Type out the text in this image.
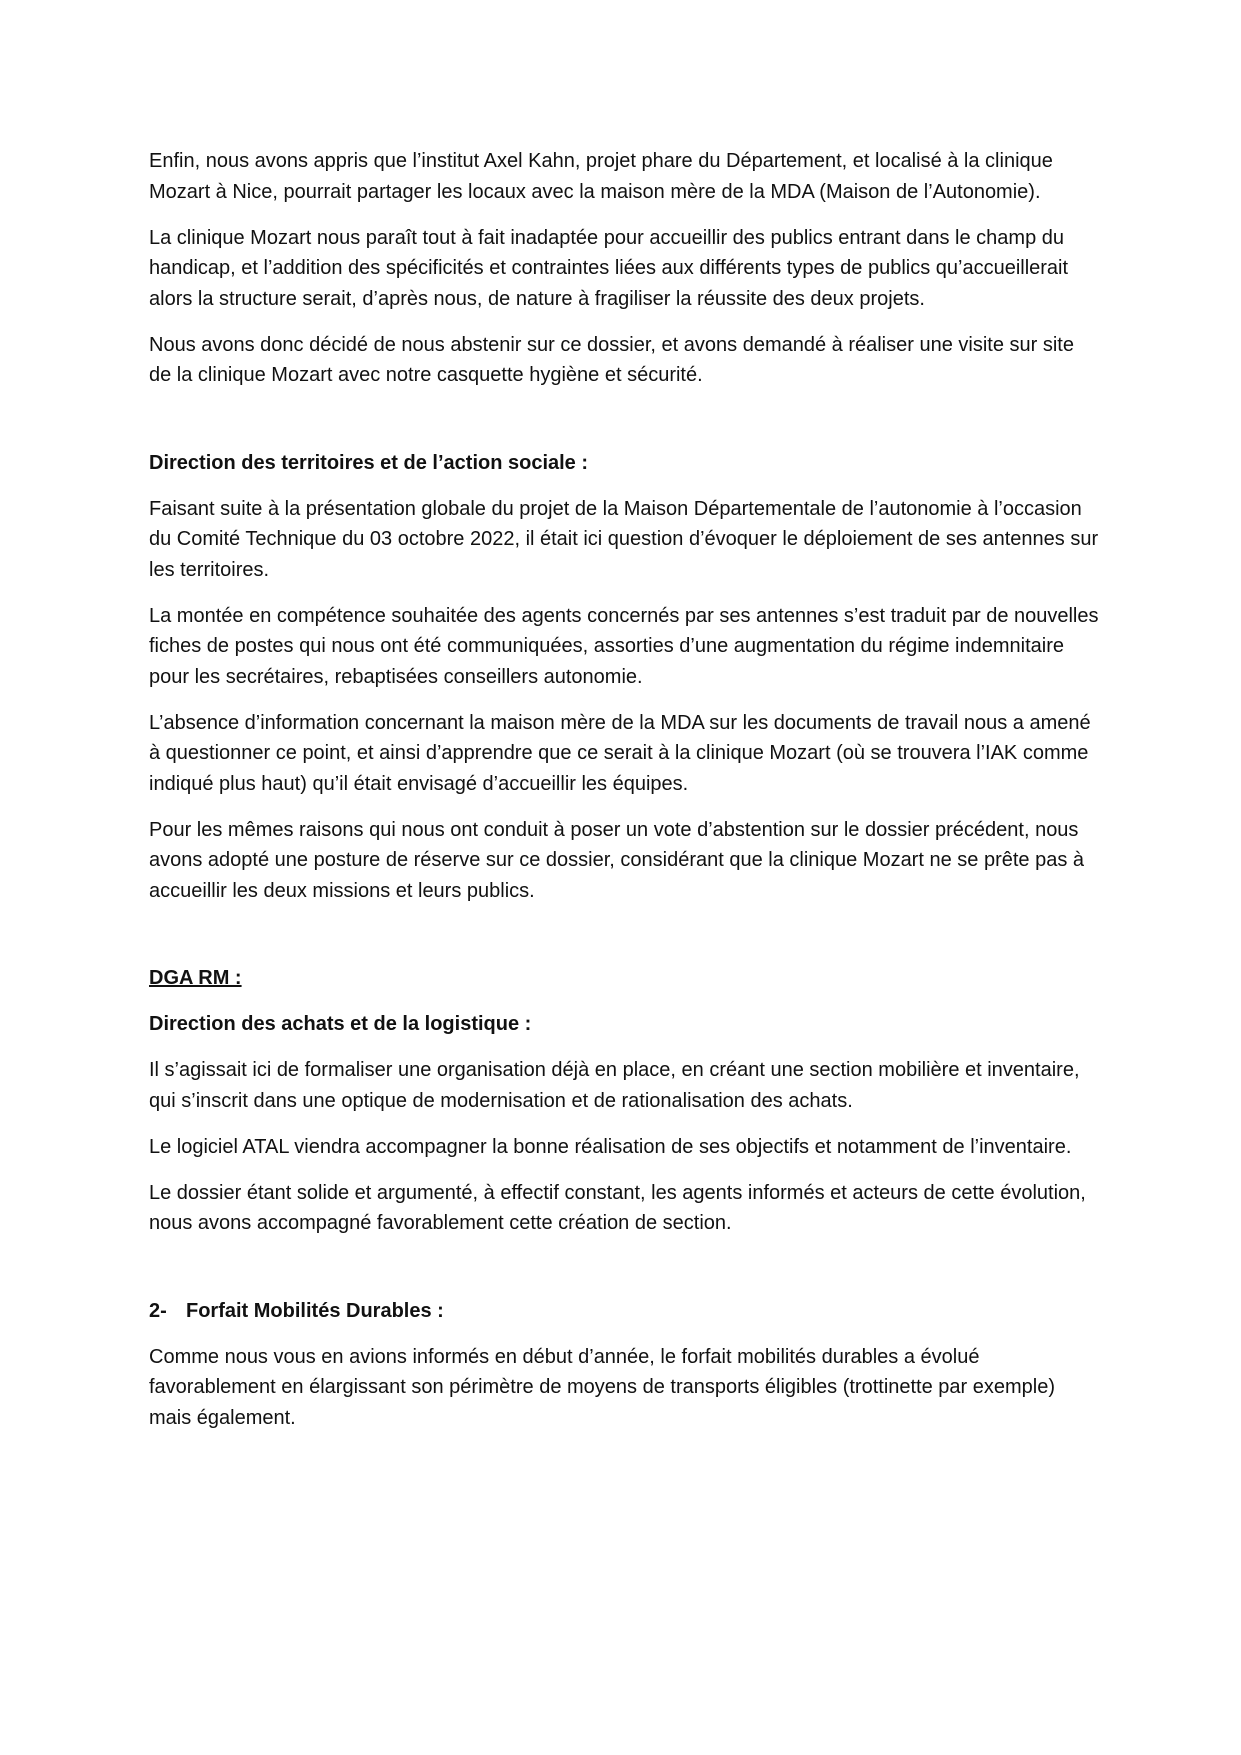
Enfin, nous avons appris que l’institut Axel Kahn, projet phare du Département, et localisé à la clinique Mozart à Nice, pourrait partager les locaux avec la maison mère de la MDA (Maison de l’Autonomie).

La clinique Mozart nous paraît tout à fait inadaptée pour accueillir des publics entrant dans le champ du handicap, et l’addition des spécificités et contraintes liées aux différents types de publics qu’accueillerait alors la structure serait, d’après nous, de nature à fragiliser la réussite des deux projets.

Nous avons donc décidé de nous abstenir sur ce dossier, et avons demandé à réaliser une visite sur site de la clinique Mozart avec notre casquette hygiène et sécurité.

Direction des territoires et de l’action sociale :

Faisant suite à la présentation globale du projet de la Maison Départementale de l’autonomie à l’occasion du Comité Technique du 03 octobre 2022, il était ici question d’évoquer le déploiement de ses antennes sur les territoires.

La montée en compétence souhaitée des agents concernés par ses antennes s’est traduit par de nouvelles fiches de postes qui nous ont été communiquées, assorties d’une augmentation du régime indemnitaire pour les secrétaires, rebaptisées conseillers autonomie.

L’absence d’information concernant la maison mère de la MDA sur les documents de travail nous a amené à questionner ce point, et ainsi d’apprendre que ce serait à la clinique Mozart (où se trouvera l’IAK comme indiqué plus haut) qu’il était envisagé d’accueillir les équipes.

Pour les mêmes raisons qui nous ont conduit à poser un vote d’abstention sur le dossier précédent, nous avons adopté une posture de réserve sur ce dossier, considérant que la clinique Mozart ne se prête pas à accueillir les deux missions et leurs publics.

DGA RM :

Direction des achats et de la logistique :

Il s’agissait ici de formaliser une organisation déjà en place, en créant une section mobilière et inventaire, qui s’inscrit dans une optique de modernisation et de rationalisation des achats.

Le logiciel ATAL viendra accompagner la bonne réalisation de ses objectifs et notamment de l’inventaire.

Le dossier étant solide et argumenté, à effectif constant, les agents informés et acteurs de cette évolution, nous avons accompagné favorablement cette création de section.

2- Forfait Mobilités Durables :

Comme nous vous en avions informés en début d’année, le forfait mobilités durables a évolué favorablement en élargissant son périmètre de moyens de transports éligibles (trottinette par exemple) mais également.
